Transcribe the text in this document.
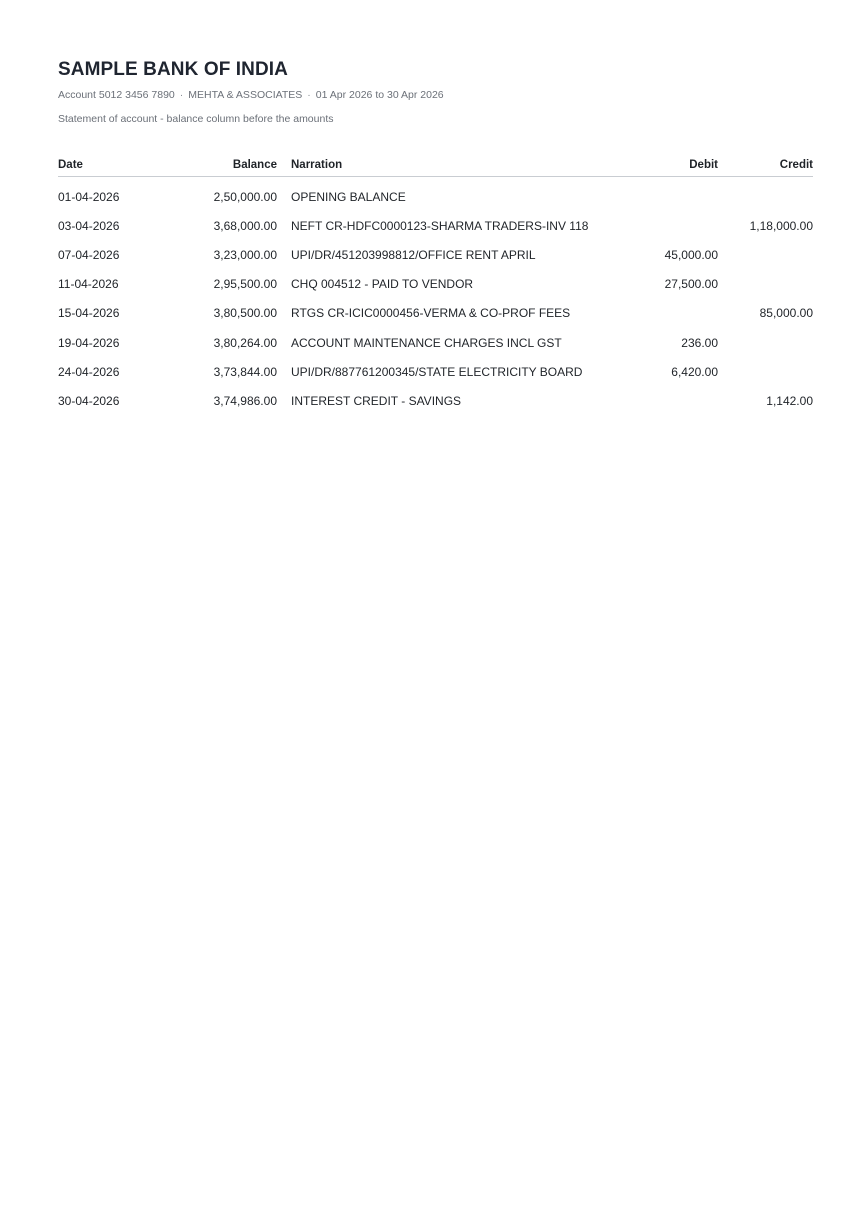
SAMPLE BANK OF INDIA
Account 5012 3456 7890 · MEHTA & ASSOCIATES · 01 Apr 2026 to 30 Apr 2026
Statement of account - balance column before the amounts
Date	Balance	Narration	Debit	Credit
01-04-2026	2,50,000.00	OPENING BALANCE		
03-04-2026	3,68,000.00	NEFT CR-HDFC0000123-SHARMA TRADERS-INV 118		1,18,000.00
07-04-2026	3,23,000.00	UPI/DR/451203998812/OFFICE RENT APRIL	45,000.00	
11-04-2026	2,95,500.00	CHQ 004512 - PAID TO VENDOR	27,500.00	
15-04-2026	3,80,500.00	RTGS CR-ICIC0000456-VERMA & CO-PROF FEES		85,000.00
19-04-2026	3,80,264.00	ACCOUNT MAINTENANCE CHARGES INCL GST	236.00	
24-04-2026	3,73,844.00	UPI/DR/887761200345/STATE ELECTRICITY BOARD	6,420.00	
30-04-2026	3,74,986.00	INTEREST CREDIT - SAVINGS		1,142.00
